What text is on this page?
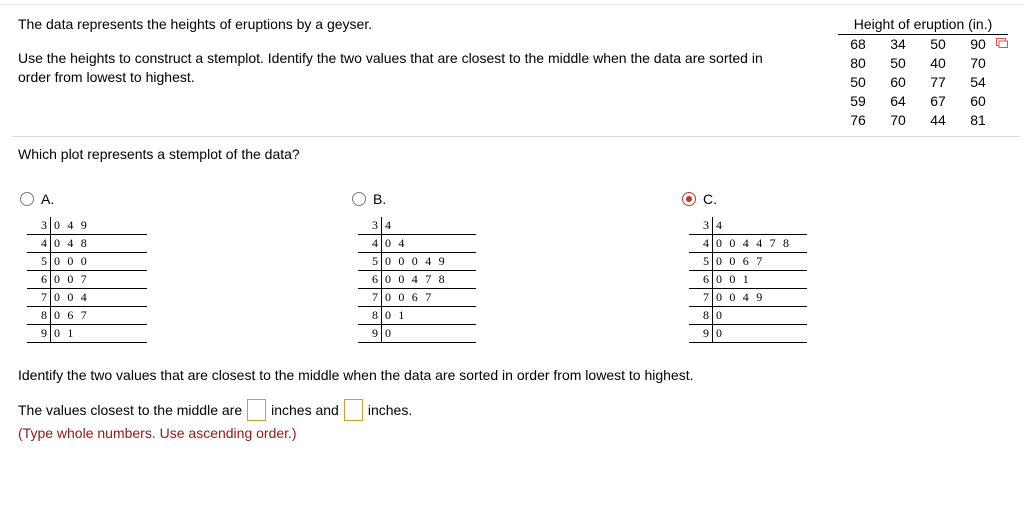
The data represents the heights of eruptions by a geyser.
Use the heights to construct a stemplot. Identify the two values that are closest to the middle when the data are sorted in
order from lowest to highest.
Height of eruption (in.)
68	34	50	90
80	50	40	70
50	60	77	54
59	64	67	60
76	70	44	81
Which plot represents a stemplot of the data?
A.	B.	C.
3 0 4 9
4 0 4 8
5 0 0 0
6 0 0 7
7 0 0 4
8 0 6 7
9 0 1
3 4
4 0 4
5 0 0 0 4 9
6 0 0 4 7 8
7 0 0 6 7
8 0 1
9 0
3 4
4 0 0 4 4 7 8
5 0 0 6 7
6 0 0 1
7 0 0 4 9
8 0
9 0
Identify the two values that are closest to the middle when the data are sorted in order from lowest to highest.
The values closest to the middle are inches and inches.
(Type whole numbers. Use ascending order.)
